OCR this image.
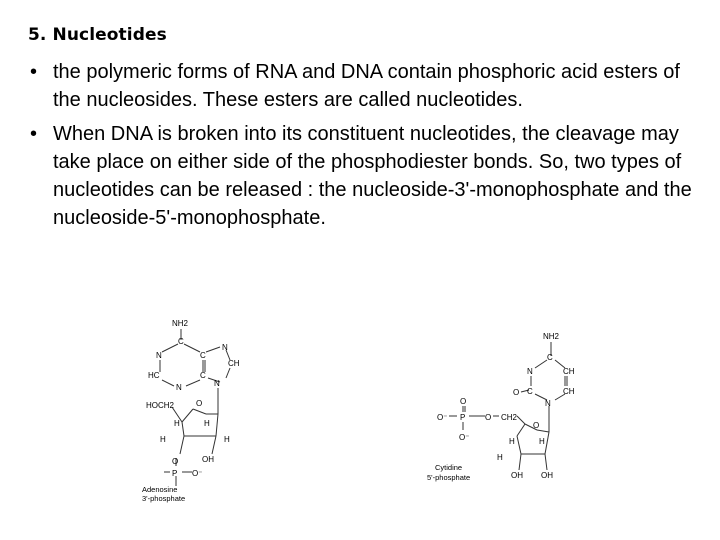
5. Nucleotides
• the polymeric forms of RNA and DNA contain phosphoric acid esters of the nucleosides. These esters are called nucleotides.
• When DNA is broken into its constituent nucleotides, the cleavage may take place on either side of the phosphodiester bonds. So, two types of nucleotides can be released : the nucleoside-3'-monophosphate and the nucleoside-5'-monophosphate.
NH2
C
N	C
N
CH
HC	C
N	N
HOCH2	O
H	H
H	H
O	OH
P O⁻
Adenosine
3'-phosphate
NH2
C
N	CH
C	CH
O
N
O
O⁻ P O
O⁻
CH2
O
H	H
H
OH OH
Cytidine
5'-phosphate
